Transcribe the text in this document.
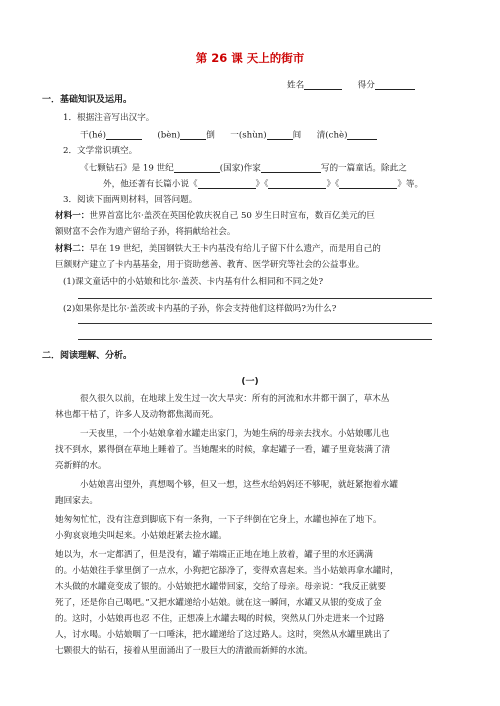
第 26 课 天上的街市
姓名	得分
一．基础知识及运用。
1．根据注音写出汉字。
干(hé)	(bèn)	倒 一(shùn)	间 清(chè)
2．文学常识填空。
《七颗钻石》是 19 世纪	(国家)作家	写的一篇童话。除此之
外，他还著有长篇小说《	》《	》《	》等。
3．阅读下面两则材料，回答问题。
材料一：世界首富比尔·盖茨在英国伦敦庆祝自己 50 岁生日时宣布，数百亿美元的巨
额财富不会作为遗产留给子孙，将捐献给社会。
材料二：早在 19 世纪，美国钢铁大王卡内基没有给儿子留下什么遗产，而是用自己的
巨额财产建立了卡内基基金，用于资助慈善、教育、医学研究等社会的公益事业。
(1)课文童话中的小姑娘和比尔·盖茨、卡内基有什么相同和不同之处?
(2)如果你是比尔·盖茨或卡内基的子孙，你会支持他们这样做吗?为什么?
二．阅读理解、分析。
(一)
很久很久以前，在地球上发生过一次大旱灾：所有的河流和水井都干涸了，草木丛
林也都干枯了，许多人及动物都焦渴而死。
一天夜里，一个小姑娘拿着水罐走出家门，为她生病的母亲去找水。小姑娘哪儿也
找不到水，累得倒在草地上睡着了。当她醒来的时候，拿起罐子一看，罐子里竟装满了清
亮新鲜的水。
小姑娘喜出望外，真想喝个够，但又一想，这些水给妈妈还不够呢，就赶紧抱着水罐
跑回家去。
她匆匆忙忙，没有注意到脚底下有一条狗，一下子绊倒在它身上，水罐也掉在了地下。
小狗哀哀地尖叫起来。小姑娘赶紧去捡水罐。
她以为，水一定都洒了，但是没有，罐子端端正正地在地上放着，罐子里的水还满满
的。小姑娘往手掌里倒了一点水，小狗把它舔净了，变得欢喜起来。当小姑娘再拿水罐时，
木头做的水罐竟变成了银的。小姑娘把水罐带回家，交给了母亲。母亲说：“我反正就要
死了，还是你自己喝吧。”又把水罐递给小姑娘。就在这一瞬间，水罐又从银的变成了金
的。这时，小姑娘再也忍 不住，正想凑上水罐去喝的时候，突然从门外走进来一个过路
人，讨水喝。小姑娘咽了一口唾沫，把水罐递给了这过路人。这时，突然从水罐里跳出了
七颗很大的钻石，接着从里面涌出了一股巨大的清澈而新鲜的水流。
